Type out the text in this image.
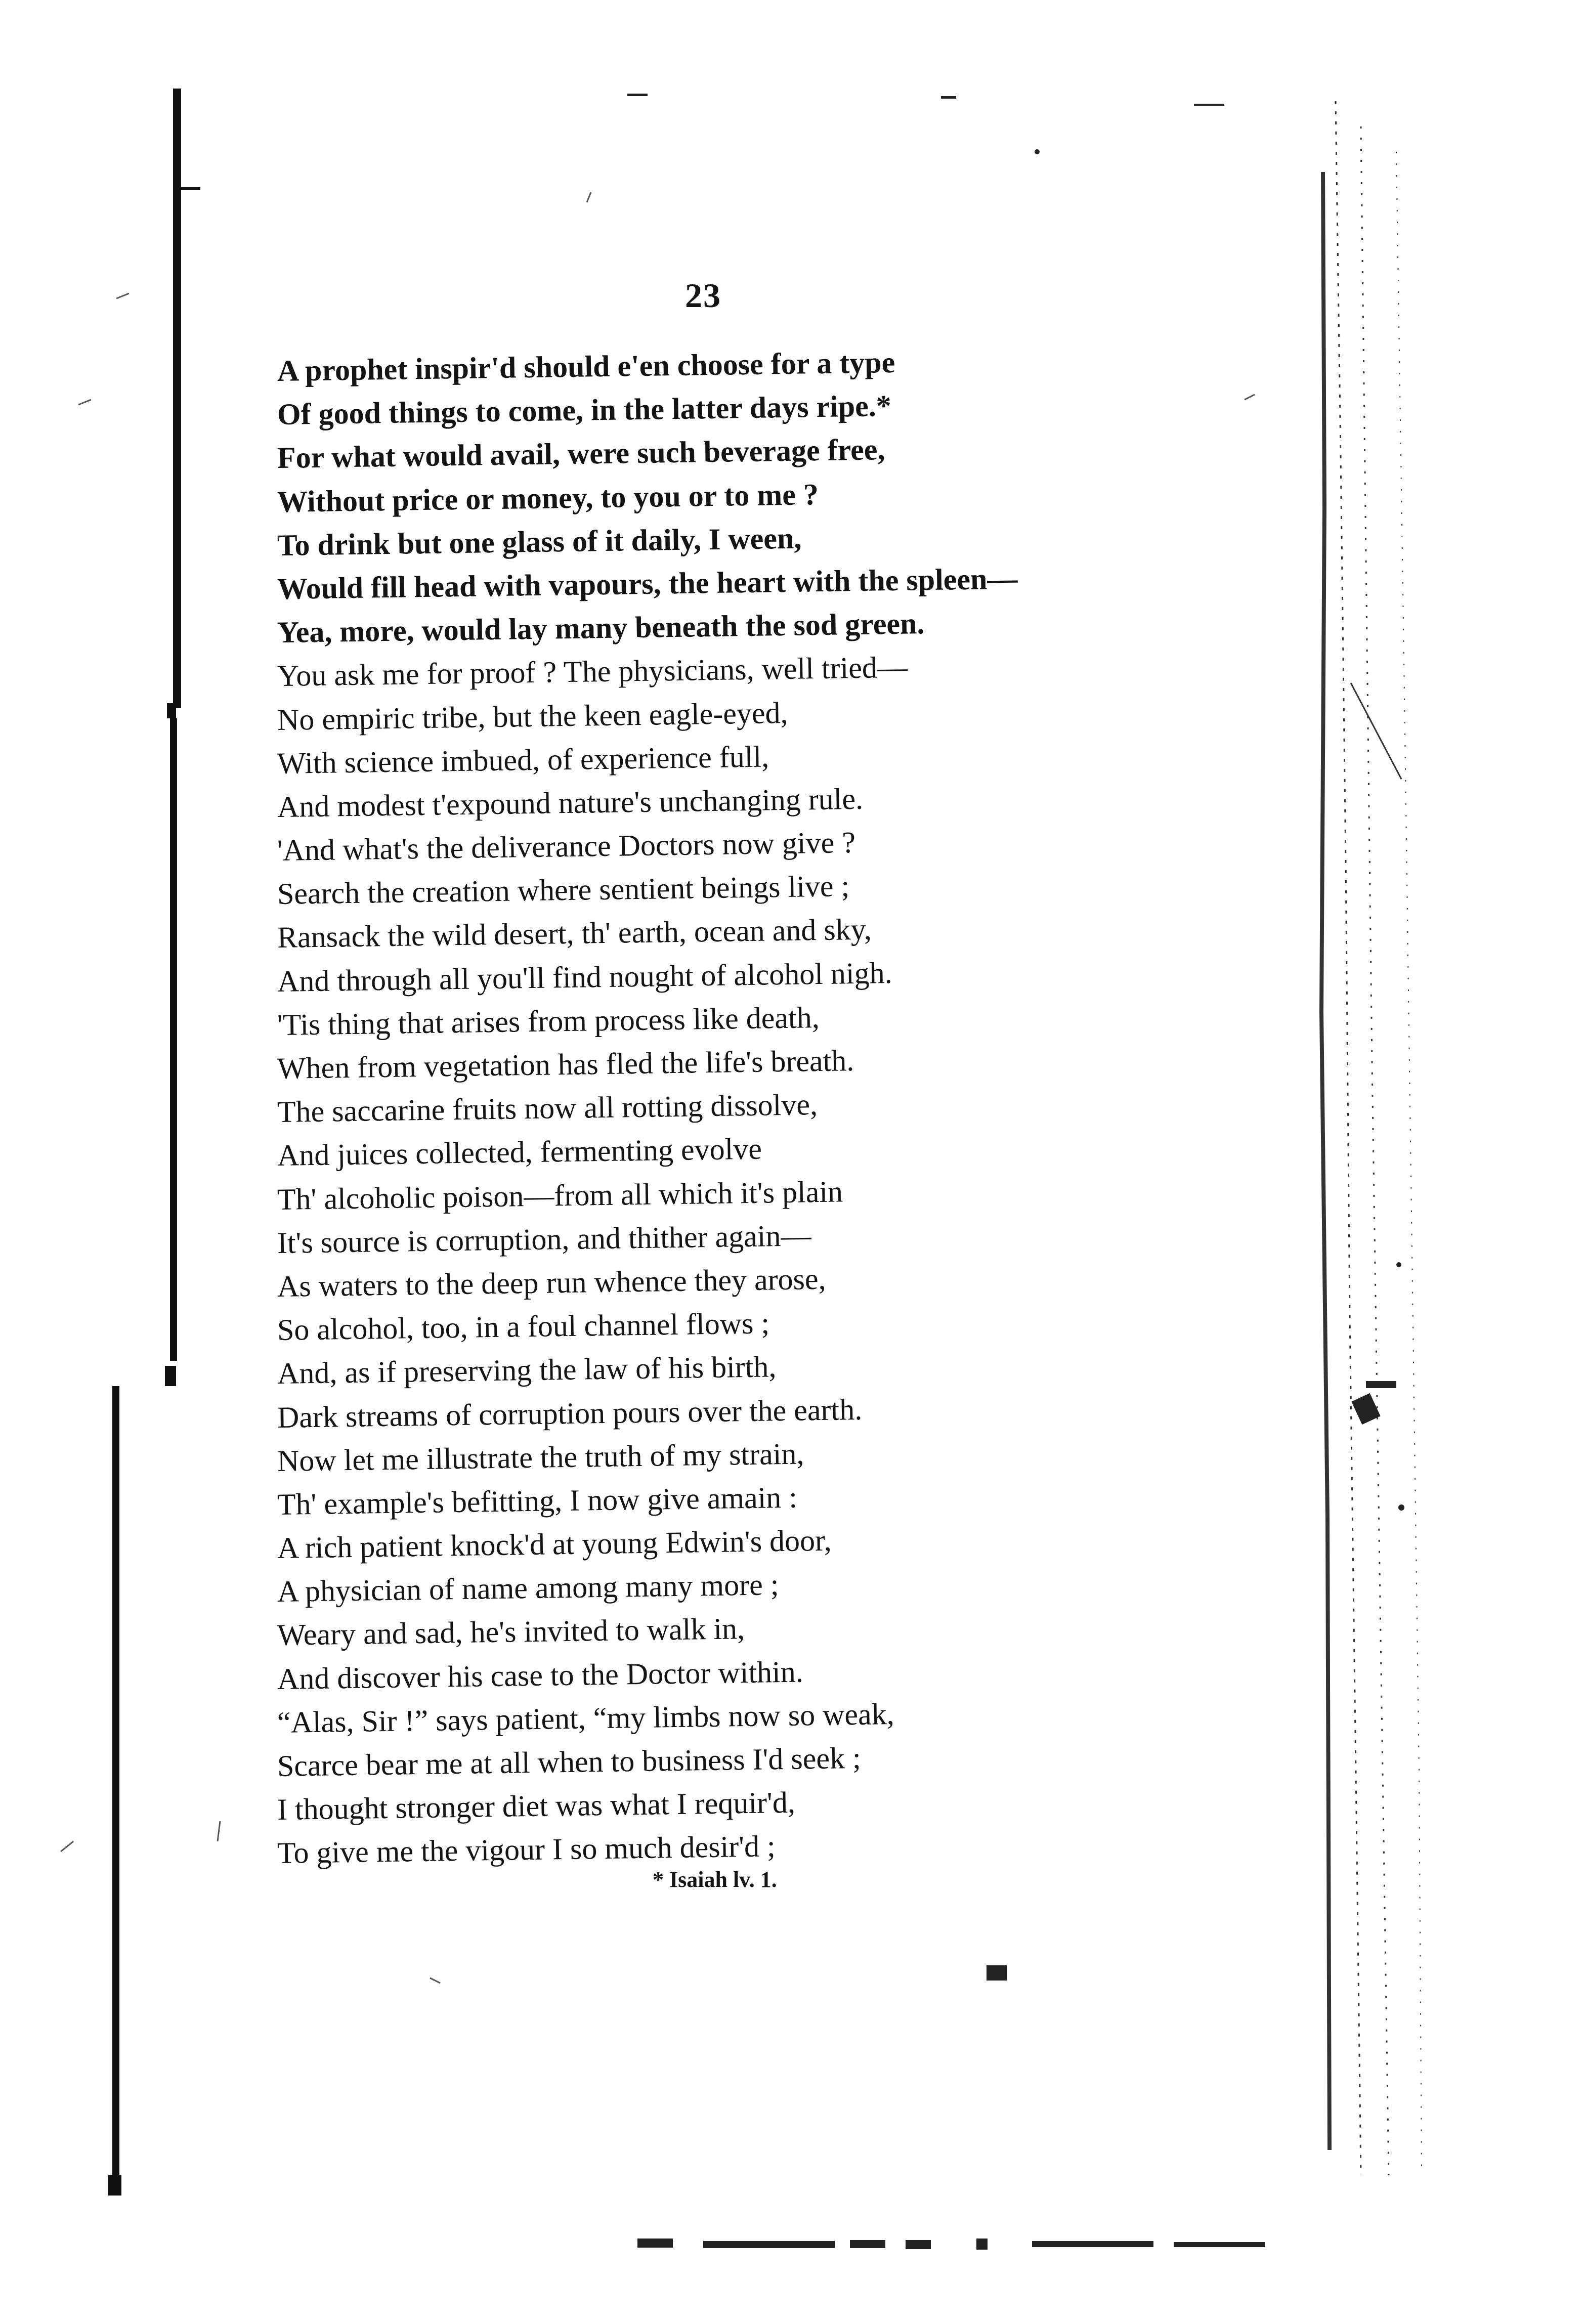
23
A prophet inspir'd should e'en choose for a type
Of good things to come, in the latter days ripe.*
For what would avail, were such beverage free,
Without price or money, to you or to me ?
To drink but one glass of it daily, I ween,
Would fill head with vapours, the heart with the spleen—
Yea, more, would lay many beneath the sod green.
You ask me for proof ? The physicians, well tried—
No empiric tribe, but the keen eagle-eyed,
With science imbued, of experience full,
And modest t'expound nature's unchanging rule.
'And what's the deliverance Doctors now give ?
Search the creation where sentient beings live ;
Ransack the wild desert, th' earth, ocean and sky,
And through all you'll find nought of alcohol nigh.
'Tis thing that arises from process like death,
When from vegetation has fled the life's breath.
The saccarine fruits now all rotting dissolve,
And juices collected, fermenting evolve
Th' alcoholic poison—from all which it's plain
It's source is corruption, and thither again—
As waters to the deep run whence they arose,
So alcohol, too, in a foul channel flows ;
And, as if preserving the law of his birth,
Dark streams of corruption pours over the earth.
Now let me illustrate the truth of my strain,
Th' example's befitting, I now give amain :
A rich patient knock'd at young Edwin's door,
A physician of name among many more ;
Weary and sad, he's invited to walk in,
And discover his case to the Doctor within.
“Alas, Sir !” says patient, “my limbs now so weak,
Scarce bear me at all when to business I'd seek ;
I thought stronger diet was what I requir'd,
To give me the vigour I so much desir'd ;
* Isaiah lv. 1.
